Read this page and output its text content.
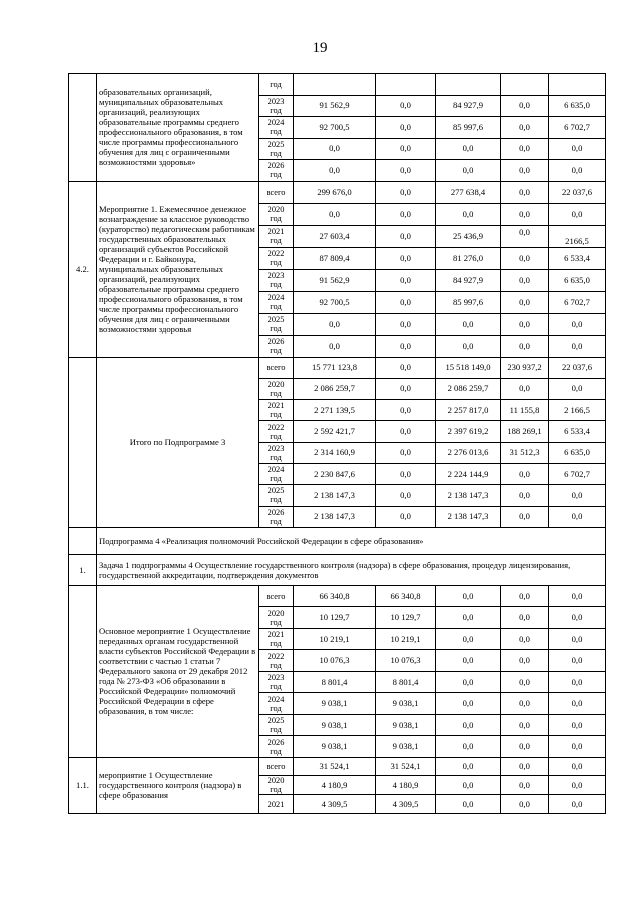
19
	образовательных организаций, муниципальных образовательных организаций, реализующих образовательные программы среднего профессионального образования, в том числе программы профессионального обучения для лиц с ограниченными возможностями здоровья»	год					
		2023 год	91 562,9	0,0	84 927,9	0,0	6 635,0
		2024 год	92 700,5	0,0	85 997,6	0,0	6 702,7
		2025 год	0,0	0,0	0,0	0,0	0,0
		2026 год	0,0	0,0	0,0	0,0	0,0
4.2.	Мероприятие 1. Ежемесячное денежное вознаграждение за классное руководство (кураторство) педагогическим работникам государственных образовательных организаций субъектов Российской Федерации и г. Байконура, муниципальных образовательных организаций, реализующих образовательные программы среднего профессионального образования, в том числе программы профессионального обучения для лиц с ограниченными возможностями здоровья	всего	299 676,0	0,0	277 638,4	0,0	22 037,6
		2020 год	0,0	0,0	0,0	0,0	0,0
		2021 год	27 603,4	0,0	25 436,9	0,0	2166,5
		2022 год	87 809,4	0,0	81 276,0	0,0	6 533,4
		2023 год	91 562,9	0,0	84 927,9	0,0	6 635,0
		2024 год	92 700,5	0,0	85 997,6	0,0	6 702,7
		2025 год	0,0	0,0	0,0	0,0	0,0
		2026 год	0,0	0,0	0,0	0,0	0,0
	Итого по Подпрограмме 3	всего	15 771 123,8	0,0	15 518 149,0	230 937,2	22 037,6
		2020 год	2 086 259,7	0,0	2 086 259,7	0,0	0,0
		2021 год	2 271 139,5	0,0	2 257 817,0	11 155,8	2 166,5
		2022 год	2 592 421,7	0,0	2 397 619,2	188 269,1	6 533,4
		2023 год	2 314 160,9	0,0	2 276 013,6	31 512,3	6 635,0
		2024 год	2 230 847,6	0,0	2 224 144,9	0,0	6 702,7
		2025 год	2 138 147,3	0,0	2 138 147,3	0,0	0,0
		2026 год	2 138 147,3	0,0	2 138 147,3	0,0	0,0
	Подпрограмма 4 «Реализация полномочий Российской Федерации в сфере образования»						
1.	Задача 1 подпрограммы 4 Осуществление государственного контроля (надзора) в сфере образования, процедур лицензирования, государственной аккредитации, подтверждения документов						
	Основное мероприятие 1 Осуществление переданных органам государственной власти субъектов Российской Федерации в соответствии с частью 1 статьи 7 Федерального закона от 29 декабря 2012 года № 273-ФЗ «Об образовании в Российской Федерации» полномочий Российской Федерации в сфере образования, в том числе:	всего	66 340,8	66 340,8	0,0	0,0	0,0
		2020 год	10 129,7	10 129,7	0,0	0,0	0,0
		2021 год	10 219,1	10 219,1	0,0	0,0	0,0
		2022 год	10 076,3	10 076,3	0,0	0,0	0,0
		2023 год	8 801,4	8 801,4	0,0	0,0	0,0
		2024 год	9 038,1	9 038,1	0,0	0,0	0,0
		2025 год	9 038,1	9 038,1	0,0	0,0	0,0
		2026 год	9 038,1	9 038,1	0,0	0,0	0,0
1.1.	мероприятие 1 Осуществление государственного контроля (надзора) в сфере образования	всего	31 524,1	31 524,1	0,0	0,0	0,0
		2020 год	4 180,9	4 180,9	0,0	0,0	0,0
		2021	4 309,5	4 309,5	0,0	0,0	0,0
